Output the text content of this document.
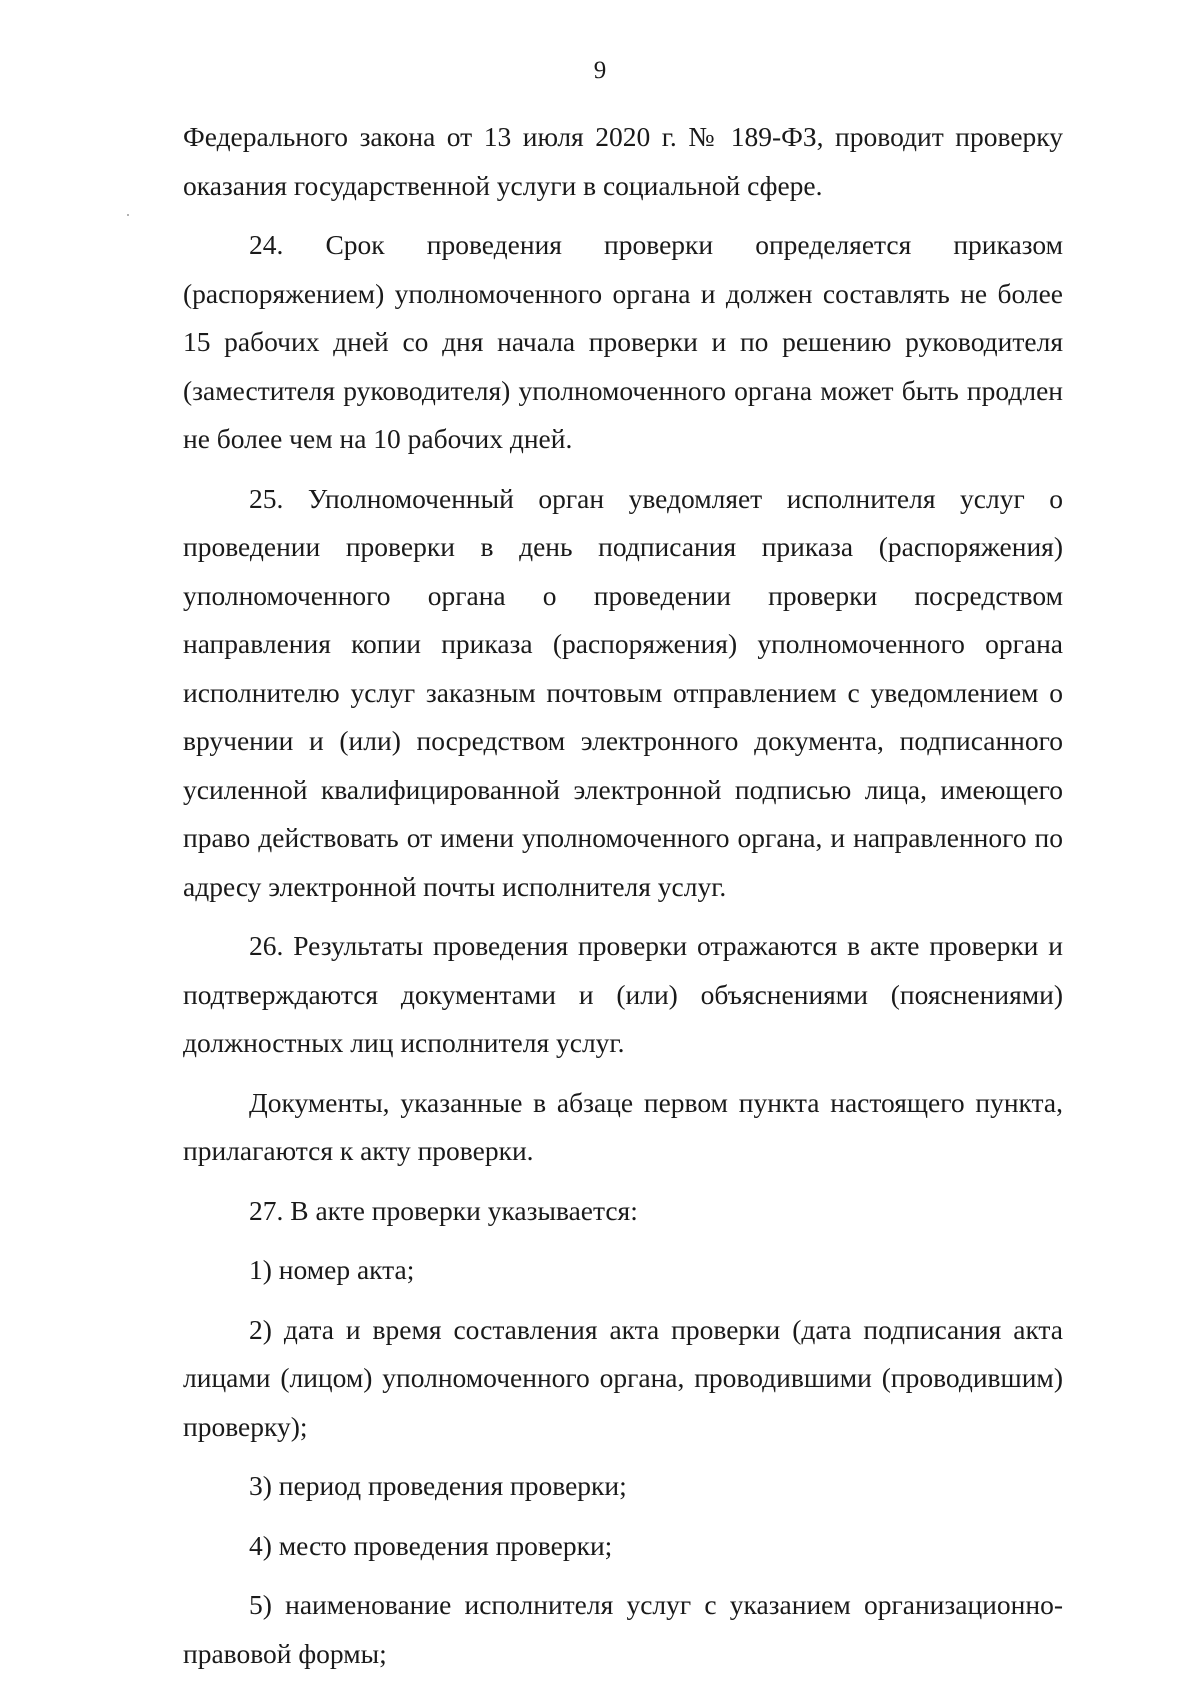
9

Федерального закона от 13 июля 2020 г. № 189-ФЗ, проводит проверку оказания государственной услуги в социальной сфере.

24. Срок проведения проверки определяется приказом (распоряжением) уполномоченного органа и должен составлять не более 15 рабочих дней со дня начала проверки и по решению руководителя (заместителя руководителя) уполномоченного органа может быть продлен не более чем на 10 рабочих дней.

25. Уполномоченный орган уведомляет исполнителя услуг о проведении проверки в день подписания приказа (распоряжения) уполномоченного органа о проведении проверки посредством направления копии приказа (распоряжения) уполномоченного органа исполнителю услуг заказным почтовым отправлением с уведомлением о вручении и (или) посредством электронного документа, подписанного усиленной квалифицированной электронной подписью лица, имеющего право действовать от имени уполномоченного органа, и направленного по адресу электронной почты исполнителя услуг.

26. Результаты проведения проверки отражаются в акте проверки и подтверждаются документами и (или) объяснениями (пояснениями) должностных лиц исполнителя услуг.

Документы, указанные в абзаце первом пункта настоящего пункта, прилагаются к акту проверки.

27. В акте проверки указывается:

1) номер акта;

2) дата и время составления акта проверки (дата подписания акта лицами (лицом) уполномоченного органа, проводившими (проводившим) проверку);

3) период проведения проверки;

4) место проведения проверки;

5) наименование исполнителя услуг с указанием организационно-правовой формы;
